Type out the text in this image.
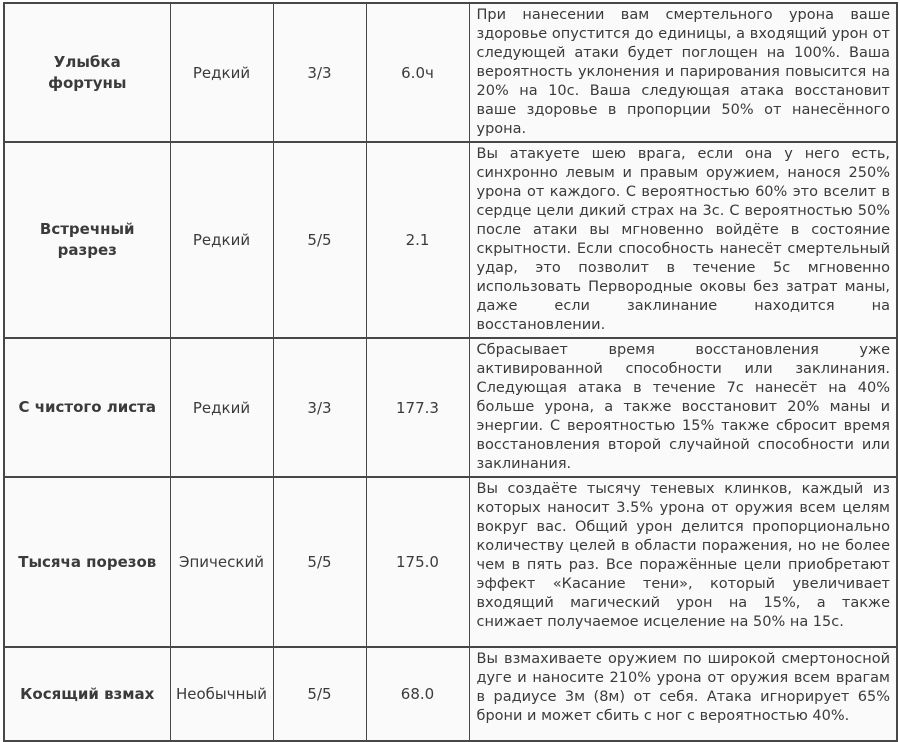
Улыбка фортуны	Редкий	3/3	6.0ч	При нанесении вам смертельного урона ваше здоровье опустится до единицы, а входящий урон от следующей атаки будет поглощен на 100%. Ваша вероятность уклонения и парирования повысится на 20% на 10с. Ваша следующая атака восстановит ваше здоровье в пропорции 50% от нанесённого урона.
Встречный разрез	Редкий	5/5	2.1	Вы атакуете шею врага, если она у него есть, синхронно левым и правым оружием, нанося 250% урона от каждого. С вероятностью 60% это вселит в сердце цели дикий страх на 3с. С вероятностью 50% после атаки вы мгновенно войдёте в состояние скрытности. Если способность нанесёт смертельный удар, это позволит в течение 5с мгновенно использовать Первородные оковы без затрат маны, даже если заклинание находится на восстановлении.
С чистого листа	Редкий	3/3	177.3	Сбрасывает время восстановления уже активированной способности или заклинания. Следующая атака в течение 7с нанесёт на 40% больше урона, а также восстановит 20% маны и энергии. С вероятностью 15% также сбросит время восстановления второй случайной способности или заклинания.
Тысяча порезов	Эпический	5/5	175.0	Вы создаёте тысячу теневых клинков, каждый из которых наносит 3.5% урона от оружия всем целям вокруг вас. Общий урон делится пропорционально количеству целей в области поражения, но не более чем в пять раз. Все поражённые цели приобретают эффект «Касание тени», который увеличивает входящий магический урон на 15%, а также снижает получаемое исцеление на 50% на 15с.
Косящий взмах	Необычный	5/5	68.0	Вы взмахиваете оружием по широкой смертоносной дуге и наносите 210% урона от оружия всем врагам в радиусе 3м (8м) от себя. Атака игнорирует 65% брони и может сбить с ног с вероятностью 40%.
